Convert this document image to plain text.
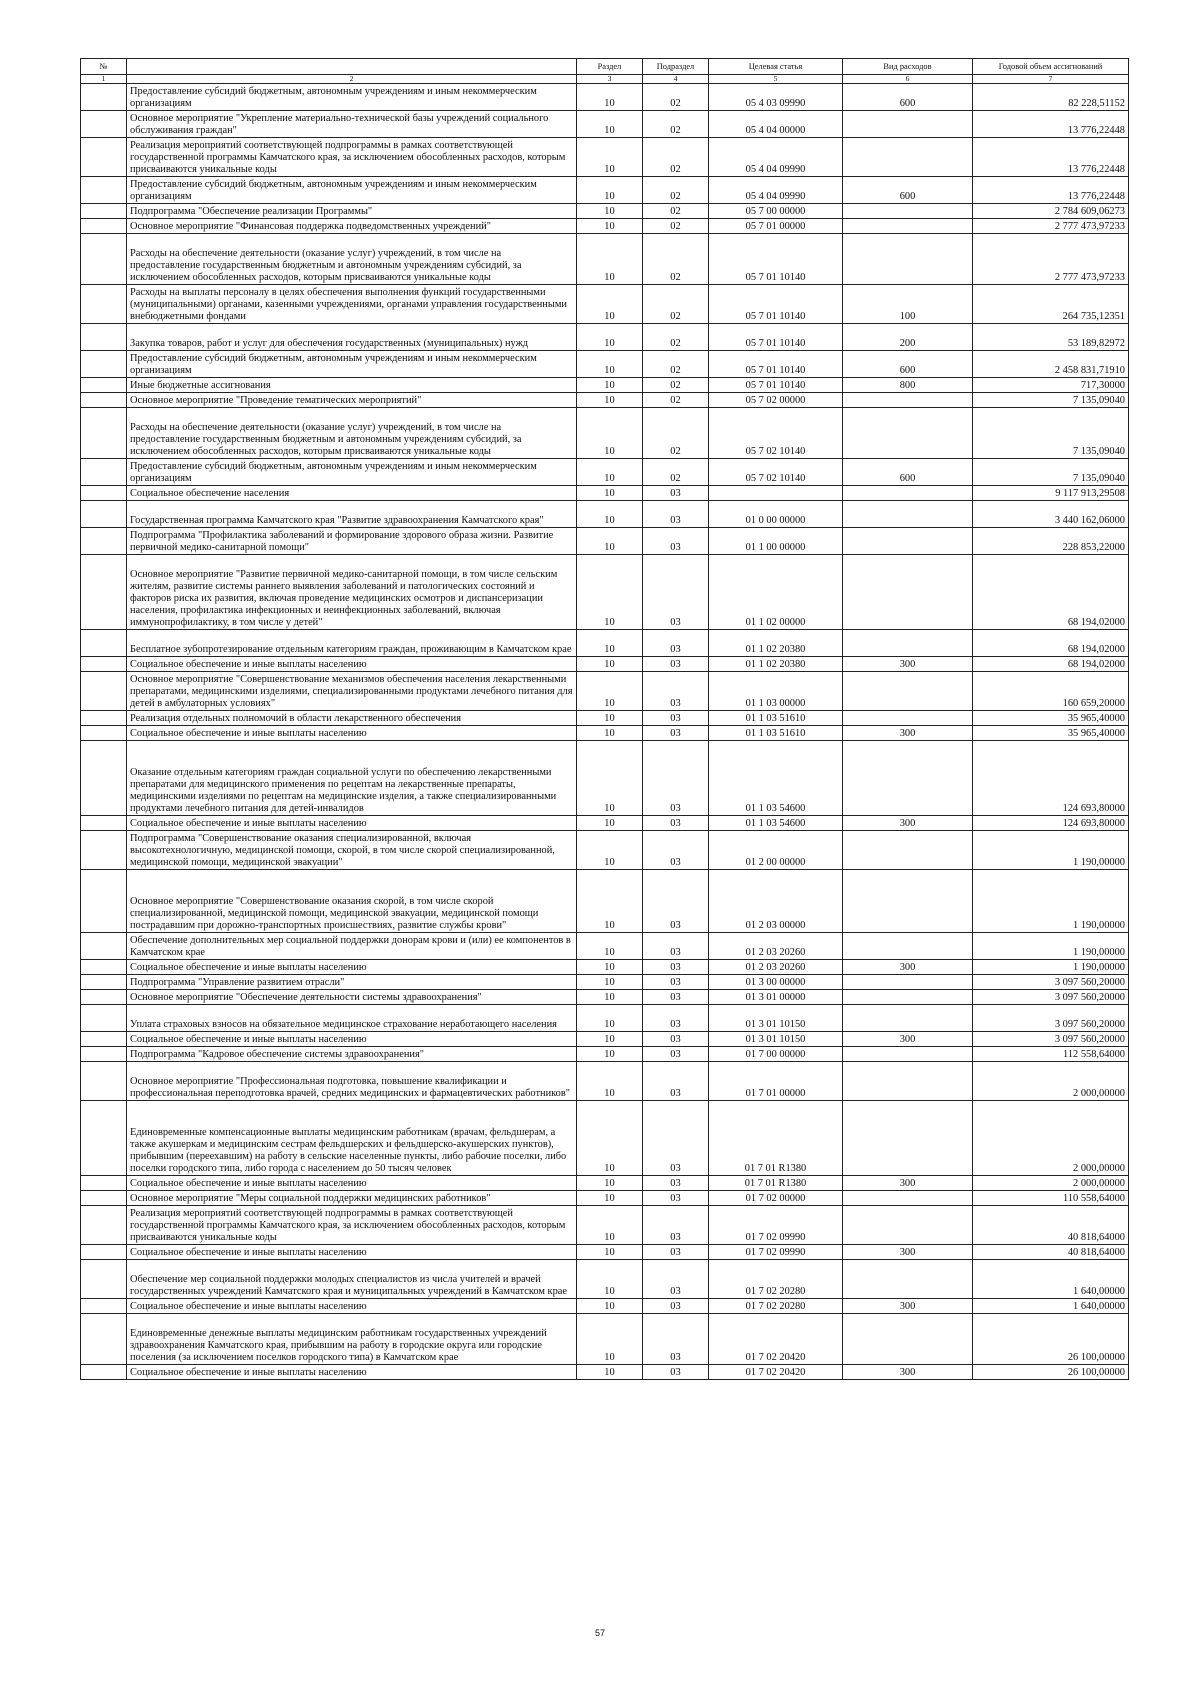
№		Раздел	Подраздел	Целевая статья	Вид расходов	Годовой объем ассигнований
1	2	3	4	5	6	7
	Предоставление субсидий бюджетным, автономным учреждениям и иным некоммерческим организациям	10	02	05 4 03 09990	600	82 228,51152
	Основное мероприятие "Укрепление материально-технической базы учреждений социального обслуживания граждан"	10	02	05 4 04 00000		13 776,22448
	Реализация мероприятий соответствующей подпрограммы в рамках соответствующей государственной программы Камчатского края, за исключением обособленных расходов, которым присваиваются уникальные коды	10	02	05 4 04 09990		13 776,22448
	Предоставление субсидий бюджетным, автономным учреждениям и иным некоммерческим организациям	10	02	05 4 04 09990	600	13 776,22448
	Подпрограмма "Обеспечение реализации Программы"	10	02	05 7 00 00000		2 784 609,06273
	Основное мероприятие "Финансовая поддержка подведомственных учреждений"	10	02	05 7 01 00000		2 777 473,97233
	Расходы на обеспечение деятельности (оказание услуг) учреждений, в том числе на предоставление государственным бюджетным и автономным учреждениям субсидий, за исключением обособленных расходов, которым присваиваются уникальные коды	10	02	05 7 01 10140		2 777 473,97233
	Расходы на выплаты персоналу в целях обеспечения выполнения функций государственными (муниципальными) органами, казенными учреждениями, органами управления государственными внебюджетными фондами	10	02	05 7 01 10140	100	264 735,12351
	Закупка товаров, работ и услуг для обеспечения государственных (муниципальных) нужд	10	02	05 7 01 10140	200	53 189,82972
	Предоставление субсидий бюджетным, автономным учреждениям и иным некоммерческим организациям	10	02	05 7 01 10140	600	2 458 831,71910
	Иные бюджетные ассигнования	10	02	05 7 01 10140	800	717,30000
	Основное мероприятие "Проведение тематических мероприятий"	10	02	05 7 02 00000		7 135,09040
	Расходы на обеспечение деятельности (оказание услуг) учреждений, в том числе на предоставление государственным бюджетным и автономным учреждениям субсидий, за исключением обособленных расходов, которым присваиваются уникальные коды	10	02	05 7 02 10140		7 135,09040
	Предоставление субсидий бюджетным, автономным учреждениям и иным некоммерческим организациям	10	02	05 7 02 10140	600	7 135,09040
	Социальное обеспечение населения	10	03			9 117 913,29508
	Государственная программа Камчатского края "Развитие здравоохранения Камчатского края"	10	03	01 0 00 00000		3 440 162,06000
	Подпрограмма "Профилактика заболеваний и формирование здорового образа жизни. Развитие первичной медико-санитарной помощи"	10	03	01 1 00 00000		228 853,22000
	Основное мероприятие "Развитие первичной медико-санитарной помощи, в том числе сельским жителям, развитие системы раннего выявления заболеваний и патологических состояний и факторов риска их развития, включая проведение медицинских осмотров и диспансеризации населения, профилактика инфекционных и неинфекционных заболеваний, включая иммунопрофилактику, в том числе у детей"	10	03	01 1 02 00000		68 194,02000
	Бесплатное зубопротезирование отдельным категориям граждан, проживающим в Камчатском крае	10	03	01 1 02 20380		68 194,02000
	Социальное обеспечение и иные выплаты населению	10	03	01 1 02 20380	300	68 194,02000
	Основное мероприятие "Совершенствование механизмов обеспечения населения лекарственными препаратами, медицинскими изделиями, специализированными продуктами лечебного питания для детей в амбулаторных условиях"	10	03	01 1 03 00000		160 659,20000
	Реализация отдельных полномочий в области лекарственного обеспечения	10	03	01 1 03 51610		35 965,40000
	Социальное обеспечение и иные выплаты населению	10	03	01 1 03 51610	300	35 965,40000
	Оказание отдельным категориям граждан социальной услуги по обеспечению лекарственными препаратами для медицинского применения по рецептам на лекарственные препараты, медицинскими изделиями по рецептам на медицинские изделия, а также специализированными продуктами лечебного питания для детей-инвалидов	10	03	01 1 03 54600		124 693,80000
	Социальное обеспечение и иные выплаты населению	10	03	01 1 03 54600	300	124 693,80000
	Подпрограмма "Совершенствование оказания специализированной, включая высокотехнологичную, медицинской помощи, скорой, в том числе скорой специализированной, медицинской помощи, медицинской эвакуации"	10	03	01 2 00 00000		1 190,00000
	Основное мероприятие "Совершенствование оказания скорой, в том числе скорой специализированной, медицинской помощи, медицинской эвакуации, медицинской помощи пострадавшим при дорожно-транспортных происшествиях, развитие службы крови"	10	03	01 2 03 00000		1 190,00000
	Обеспечение дополнительных мер социальной поддержки донорам крови и (или) ее компонентов в Камчатском крае	10	03	01 2 03 20260		1 190,00000
	Социальное обеспечение и иные выплаты населению	10	03	01 2 03 20260	300	1 190,00000
	Подпрограмма "Управление развитием отрасли"	10	03	01 3 00 00000		3 097 560,20000
	Основное мероприятие "Обеспечение деятельности системы здравоохранения"	10	03	01 3 01 00000		3 097 560,20000
	Уплата страховых взносов на обязательное медицинское страхование неработающего населения	10	03	01 3 01 10150		3 097 560,20000
	Социальное обеспечение и иные выплаты населению	10	03	01 3 01 10150	300	3 097 560,20000
	Подпрограмма "Кадровое обеспечение системы здравоохранения"	10	03	01 7 00 00000		112 558,64000
	Основное мероприятие "Профессиональная подготовка, повышение квалификации и профессиональная переподготовка врачей, средних медицинских и фармацевтических работников"	10	03	01 7 01 00000		2 000,00000
	Единовременные компенсационные выплаты медицинским работникам (врачам, фельдшерам, а также акушеркам и медицинским сестрам фельдшерских и фельдшерско-акушерских пунктов), прибывшим (переехавшим) на работу в сельские населенные пункты, либо рабочие поселки, либо поселки городского типа, либо города с населением до 50 тысяч человек	10	03	01 7 01 R1380		2 000,00000
	Социальное обеспечение и иные выплаты населению	10	03	01 7 01 R1380	300	2 000,00000
	Основное мероприятие "Меры социальной поддержки медицинских работников"	10	03	01 7 02 00000		110 558,64000
	Реализация мероприятий соответствующей подпрограммы в рамках соответствующей государственной программы Камчатского края, за исключением обособленных расходов, которым присваиваются уникальные коды	10	03	01 7 02 09990		40 818,64000
	Социальное обеспечение и иные выплаты населению	10	03	01 7 02 09990	300	40 818,64000
	Обеспечение мер социальной поддержки молодых специалистов из числа учителей и врачей государственных учреждений Камчатского края и муниципальных учреждений в Камчатском крае	10	03	01 7 02 20280		1 640,00000
	Социальное обеспечение и иные выплаты населению	10	03	01 7 02 20280	300	1 640,00000
	Единовременные денежные выплаты медицинским работникам государственных учреждений здравоохранения Камчатского края, прибывшим на работу в городские округа или городские поселения (за исключением поселков городского типа) в Камчатском крае	10	03	01 7 02 20420		26 100,00000
	Социальное обеспечение и иные выплаты населению	10	03	01 7 02 20420	300	26 100,00000
57
